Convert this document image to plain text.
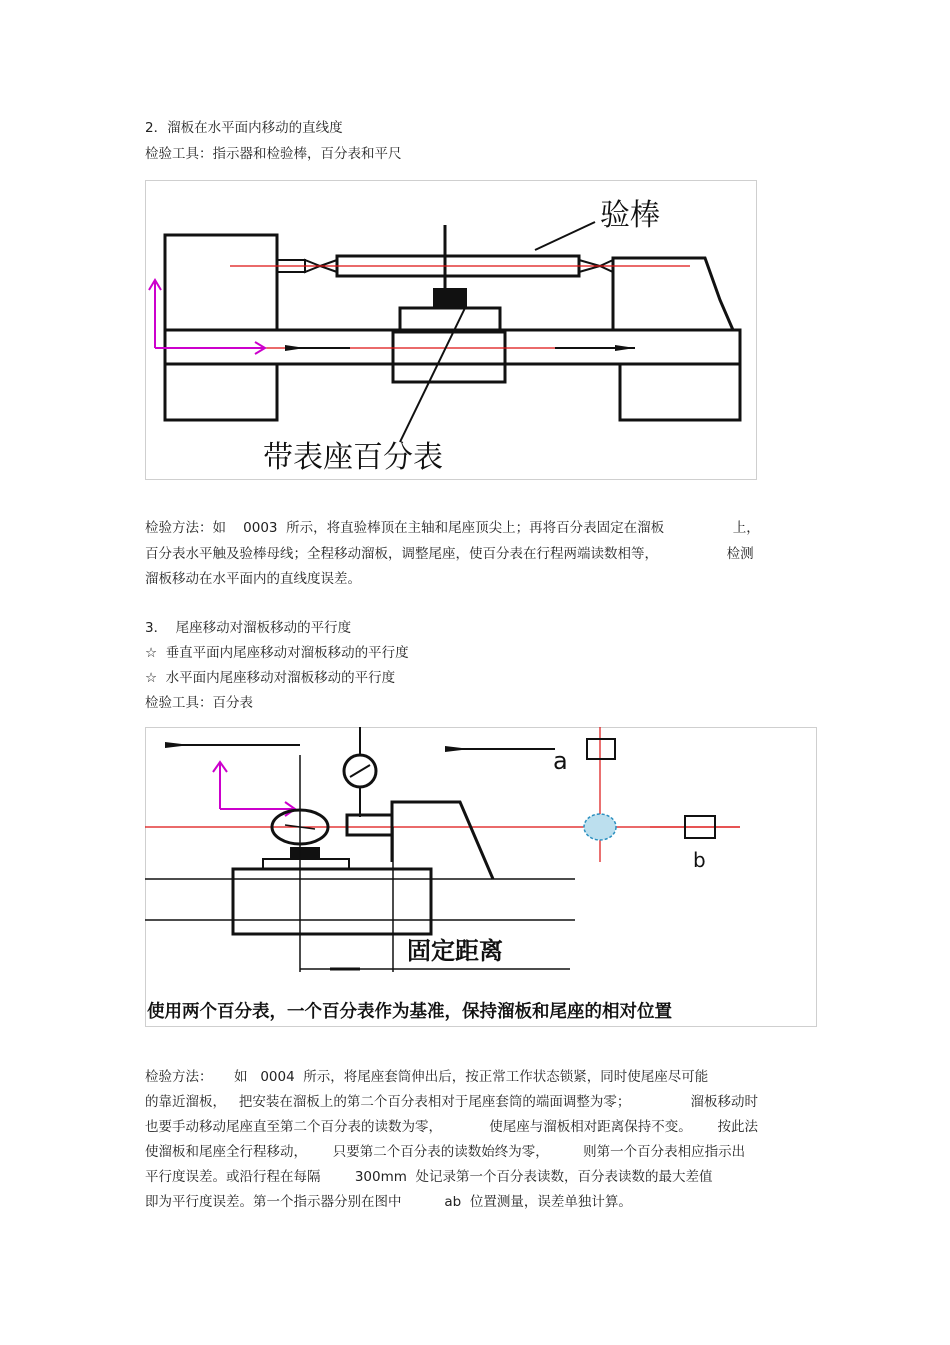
2．溜板在水平面内移动的直线度
检验工具：指示器和检验棒，百分表和平尺
验棒
带表座百分表
检验方法：如    0003  所示，将直验棒顶在主轴和尾座顶尖上；再将百分表固定在溜板                上，
百分表水平触及验棒母线；全程移动溜板，调整尾座，使百分表在行程两端读数相等，                检测
溜板移动在水平面内的直线度误差。
3．  尾座移动对溜板移动的平行度
☆  垂直平面内尾座移动对溜板移动的平行度
☆  水平面内尾座移动对溜板移动的平行度
检验工具：百分表
a
b
固定距离
使用两个百分表，一个百分表作为基准，保持溜板和尾座的相对位置
检验方法：     如   0004  所示，将尾座套筒伸出后，按正常工作状态锁紧，同时使尾座尽可能
的靠近溜板，   把安装在溜板上的第二个百分表相对于尾座套筒的端面调整为零；              溜板移动时
也要手动移动尾座直至第二个百分表的读数为零，           使尾座与溜板相对距离保持不变。      按此法
使溜板和尾座全行程移动，      只要第二个百分表的读数始终为零，        则第一个百分表相应指示出
平行度误差。或沿行程在每隔        300mm  处记录第一个百分表读数，百分表读数的最大差值
即为平行度误差。第一个指示器分别在图中          ab  位置测量，误差单独计算。
